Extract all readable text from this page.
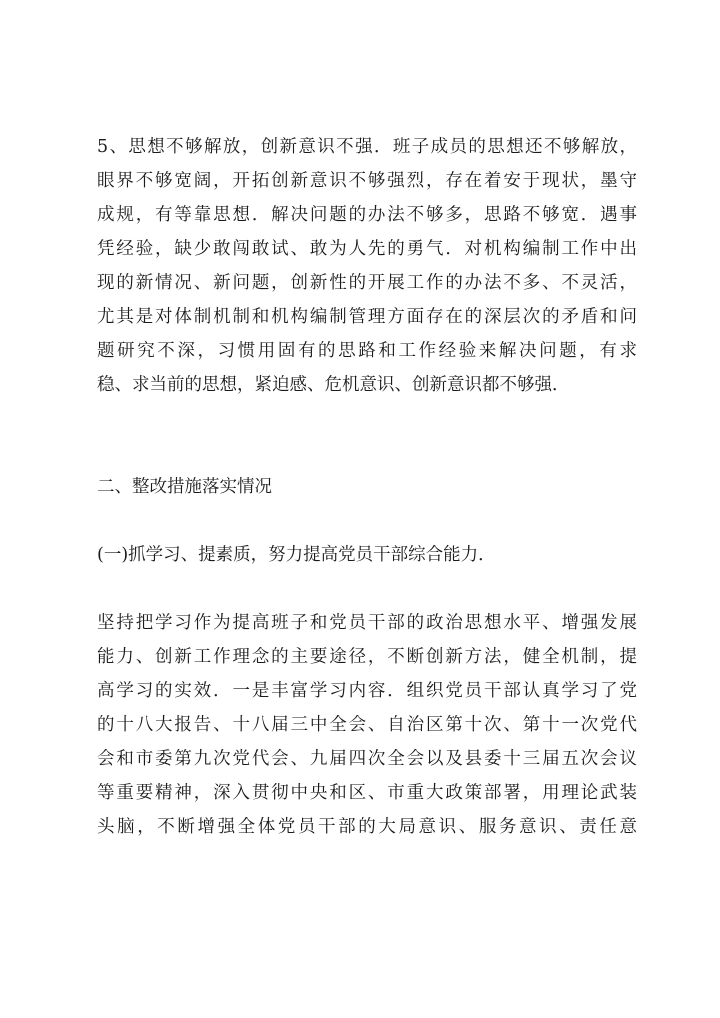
5、思想不够解放，创新意识不强．班子成员的思想还不够解放，
眼界不够宽阔，开拓创新意识不够强烈，存在着安于现状，墨守
成规，有等靠思想．解决问题的办法不够多，思路不够宽．遇事
凭经验，缺少敢闯敢试、敢为人先的勇气．对机构编制工作中出
现的新情况、新问题，创新性的开展工作的办法不多、不灵活，
尤其是对体制机制和机构编制管理方面存在的深层次的矛盾和问
题研究不深，习惯用固有的思路和工作经验来解决问题，有求
稳、求当前的思想，紧迫感、危机意识、创新意识都不够强．
二、整改措施落实情况
(一)抓学习、提素质，努力提高党员干部综合能力．
坚持把学习作为提高班子和党员干部的政治思想水平、增强发展
能力、创新工作理念的主要途径，不断创新方法，健全机制，提
高学习的实效．一是丰富学习内容．组织党员干部认真学习了党
的十八大报告、十八届三中全会、自治区第十次、第十一次党代
会和市委第九次党代会、九届四次全会以及县委十三届五次会议
等重要精神，深入贯彻中央和区、市重大政策部署，用理论武装
头脑，不断增强全体党员干部的大局意识、服务意识、责任意
